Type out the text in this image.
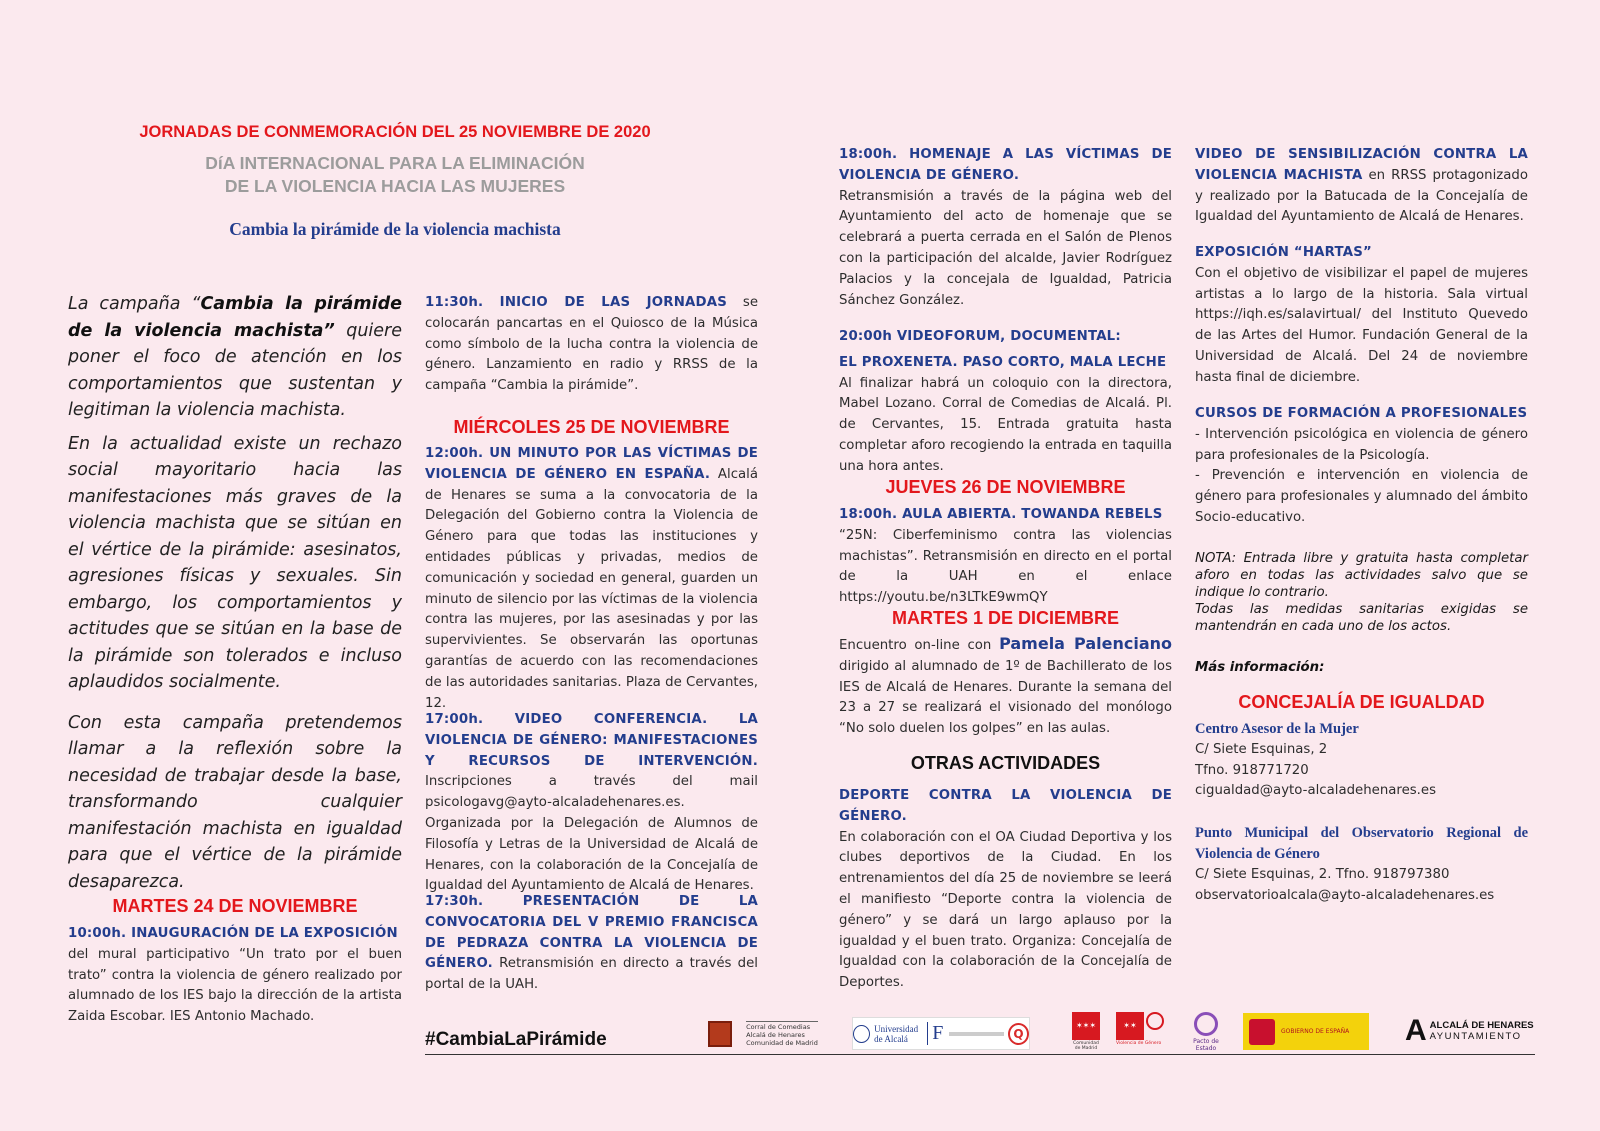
JORNADAS DE CONMEMORACIÓN DEL 25 NOVIEMBRE DE 2020
DíA INTERNACIONAL PARA LA ELIMINACIÓN
DE LA VIOLENCIA HACIA LAS MUJERES
Cambia la pirámide de la violencia machista

La campaña “Cambia la pirámide de la violencia machista” quiere poner el foco de atención en los comportamientos que sustentan y legitiman la violencia machista.

En la actualidad existe un rechazo social mayoritario hacia las manifestaciones más graves de la violencia machista que se sitúan en el vértice de la pirámide: asesinatos, agresiones físicas y sexuales. Sin embargo, los comportamientos y actitudes que se sitúan en la base de la pirámide son tolerados e incluso aplaudidos socialmente.

Con esta campaña pretendemos llamar a la reflexión sobre la necesidad de trabajar desde la base, transformando cualquier manifestación machista en igualdad para que el vértice de la pirámide desaparezca.

MARTES 24 DE NOVIEMBRE
10:00h. INAUGURACIÓN DE LA EXPOSICIÓN

del mural participativo “Un trato por el buen trato” contra la violencia de género realizado por alumnado de los IES bajo la dirección de la artista Zaida Escobar. IES Antonio Machado.

11:30h. INICIO DE LAS JORNADAS se colocarán pancartas en el Quiosco de la Música como símbolo de la lucha contra la violencia de género. Lanzamiento en radio y RRSS de la campaña “Cambia la pirámide”.

MIÉRCOLES 25 DE NOVIEMBRE

12:00h. UN MINUTO POR LAS VÍCTIMAS DE VIOLENCIA DE GÉNERO EN ESPAÑA. Alcalá de Henares se suma a la convocatoria de la Delegación del Gobierno contra la Violencia de Género para que todas las instituciones y entidades públicas y privadas, medios de comunicación y sociedad en general, guarden un minuto de silencio por las víctimas de la violencia contra las mujeres, por las asesinadas y por las supervivientes. Se observarán las oportunas garantías de acuerdo con las recomendaciones de las autoridades sanitarias. Plaza de Cervantes, 12.

17:00h. VIDEO CONFERENCIA. LA VIOLENCIA DE GÉNERO: MANIFESTACIONES Y RECURSOS DE INTERVENCIÓN. Inscripciones a través del mail psicologavg@ayto-alcaladehenares.es. Organizada por la Delegación de Alumnos de Filosofía y Letras de la Universidad de Alcalá de Henares, con la colaboración de la Concejalía de Igualdad del Ayuntamiento de Alcalá de Henares.

17:30h. PRESENTACIÓN DE LA CONVOCATORIA DEL V PREMIO FRANCISCA DE PEDRAZA CONTRA LA VIOLENCIA DE GÉNERO. Retransmisión en directo a través del portal de la UAH.

18:00h. HOMENAJE A LAS VÍCTIMAS DE VIOLENCIA DE GÉNERO.

Retransmisión a través de la página web del Ayuntamiento del acto de homenaje que se celebrará a puerta cerrada en el Salón de Plenos con la participación del alcalde, Javier Rodríguez Palacios y la concejala de Igualdad, Patricia Sánchez González.

20:00h VIDEOFORUM, DOCUMENTAL:
EL PROXENETA. PASO CORTO, MALA LECHE

Al finalizar habrá un coloquio con la directora, Mabel Lozano. Corral de Comedias de Alcalá. Pl. de Cervantes, 15. Entrada gratuita hasta completar aforo recogiendo la entrada en taquilla una hora antes.

JUEVES 26 DE NOVIEMBRE
18:00h. AULA ABIERTA. TOWANDA REBELS

“25N: Ciberfeminismo contra las violencias machistas”. Retransmisión en directo en el portal de la UAH en el enlace https://youtu.be/n3LTkE9wmQY

MARTES 1 DE DICIEMBRE

Encuentro on-line con Pamela Palenciano dirigido al alumnado de 1º de Bachillerato de los IES de Alcalá de Henares. Durante la semana del 23 a 27 se realizará el visionado del monólogo “No solo duelen los golpes” en las aulas.

OTRAS ACTIVIDADES
DEPORTE CONTRA LA VIOLENCIA DE GÉNERO.

En colaboración con el OA Ciudad Deportiva y los clubes deportivos de la Ciudad. En los entrenamientos del día 25 de noviembre se leerá el manifiesto “Deporte contra la violencia de género” y se dará un largo aplauso por la igualdad y el buen trato. Organiza: Concejalía de Igualdad con la colaboración de la Concejalía de Deportes.

VIDEO DE SENSIBILIZACIÓN CONTRA LA VIOLENCIA MACHISTA en RRSS protagonizado y realizado por la Batucada de la Concejalía de Igualdad del Ayuntamiento de Alcalá de Henares.

EXPOSICIÓN “HARTAS”

Con el objetivo de visibilizar el papel de mujeres artistas a lo largo de la historia. Sala virtual https://iqh.es/salavirtual/ del Instituto Quevedo de las Artes del Humor. Fundación General de la Universidad de Alcalá. Del 24 de noviembre hasta final de diciembre.

CURSOS DE FORMACIÓN A PROFESIONALES

- Intervención psicológica en violencia de género para profesionales de la Psicología.

- Prevención e intervención en violencia de género para profesionales y alumnado del ámbito Socio-educativo.

NOTA: Entrada libre y gratuita hasta completar aforo en todas las actividades salvo que se indique lo contrario.

Todas las medidas sanitarias exigidas se mantendrán en cada uno de los actos.

Más información:
CONCEJALÍA DE IGUALDAD
Centro Asesor de la Mujer
C/ Siete Esquinas, 2
Tfno. 918771720
cigualdad@ayto-alcaladehenares.es
Punto Municipal del Observatorio Regional de Violencia de Género
C/ Siete Esquinas, 2. Tfno. 918797380
observatorioalcala@ayto-alcaladehenares.es
#CambiaLaPirámide
Corral de Comedias
Alcalá de Henares
Comunidad de Madrid
Universidad de Alcalá	F	Q
✶✶✶
Comunidad de Madrid
✶✶
Violencia de Género	Pacto de Estado
GOBIERNO DE ESPAÑA A ALCALÁ DE HENARES
AYUNTAMIENTO
